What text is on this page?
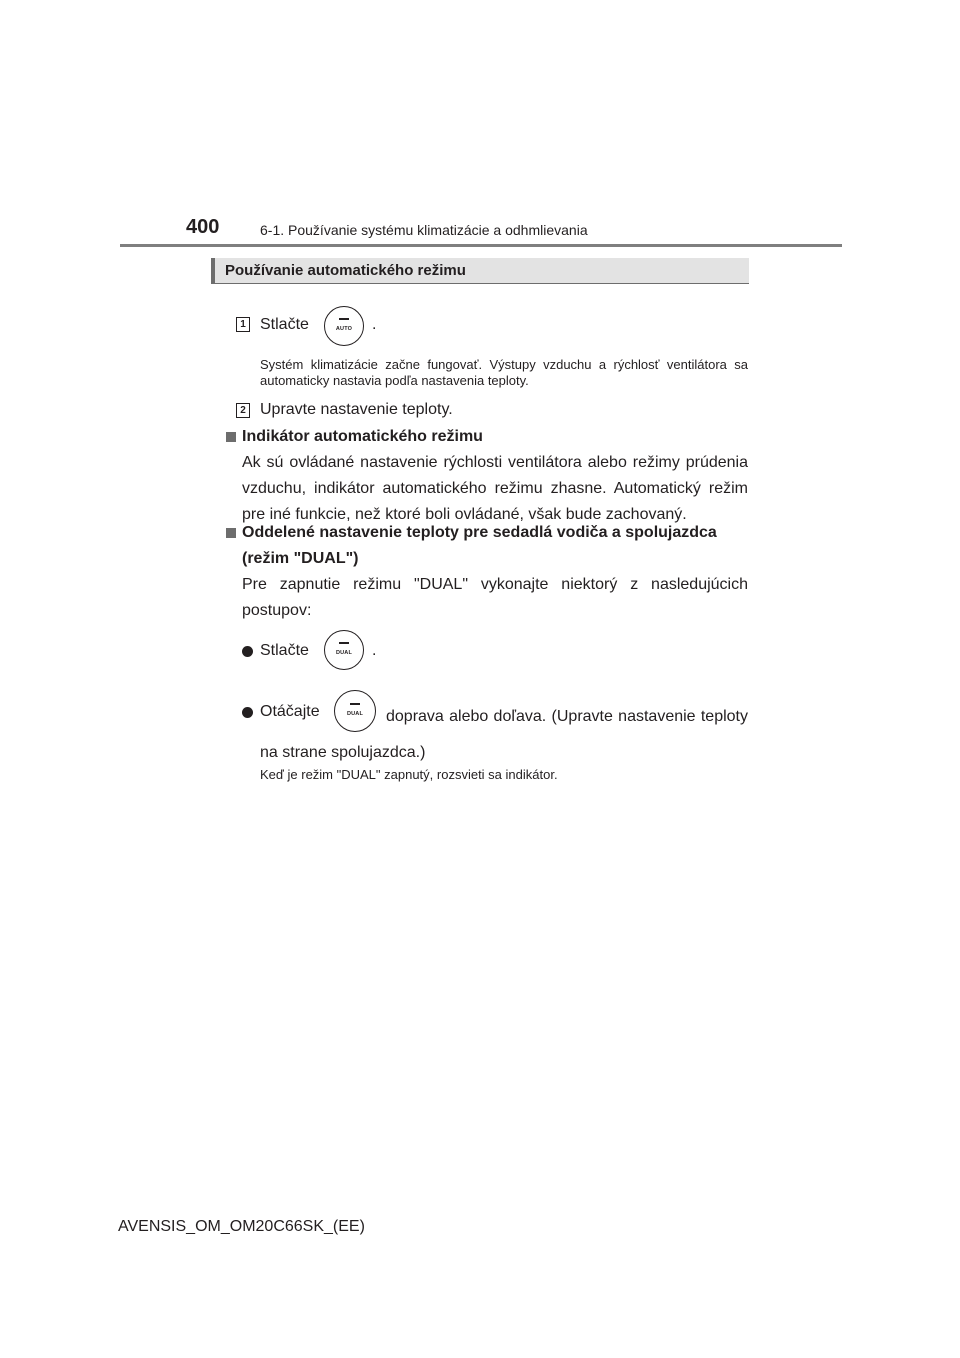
400	6-1. Používanie systému klimatizácie a odhmlievania
Používanie automatického režimu
1 Stlačte	AUTO	.
Systém klimatizácie začne fungovať. Výstupy vzduchu a rýchlosť ventilátora sa automaticky nastavia podľa nastavenia teploty.
2 Upravte nastavenie teploty.
Indikátor automatického režimu
Ak sú ovládané nastavenie rýchlosti ventilátora alebo režimy prúdenia vzduchu, indikátor automatického režimu zhasne. Automatický režim pre iné funkcie, než ktoré boli ovládané, však bude zachovaný.
Oddelené nastavenie teploty pre sedadlá vodiča a spolujazdca (režim "DUAL")
Pre zapnutie režimu "DUAL" vykonajte niektorý z nasledujúcich postupov:
Stlačte	DUAL	.
Otáčajte	DUAL	doprava alebo doľava. (Upravte nastavenie teploty na strane spolujazdca.)
Keď je režim "DUAL" zapnutý, rozsvieti sa indikátor.
AVENSIS_OM_OM20C66SK_(EE)
